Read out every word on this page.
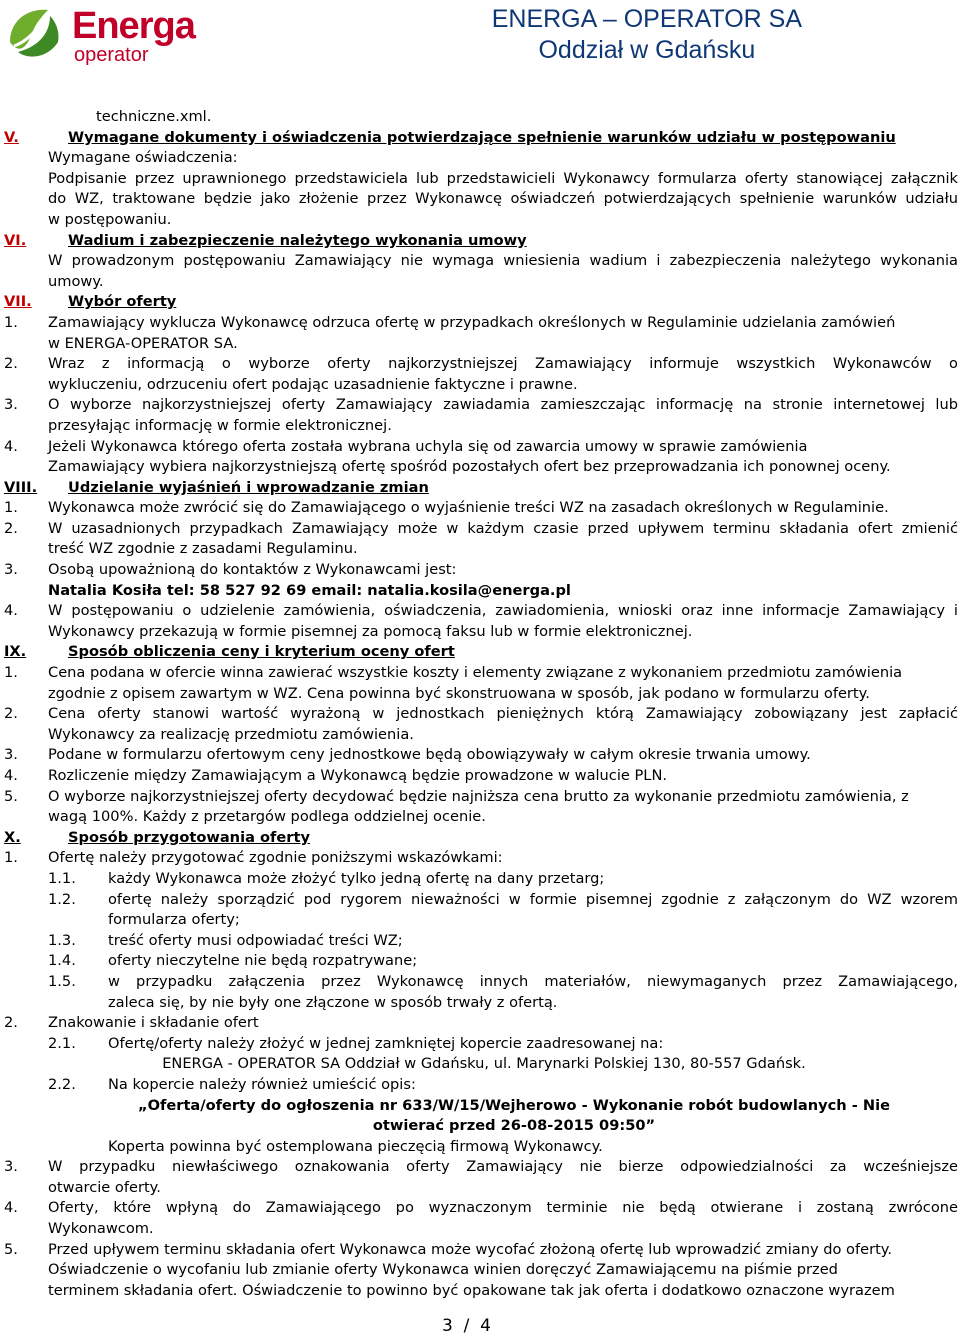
Energa
operator
ENERGA – OPERATOR SA
Oddział w Gdańsku
techniczne.xml.
V.	Wymagane dokumenty i oświadczenia potwierdzające spełnienie warunków udziału w postępowaniu
Wymagane oświadczenia:
Podpisanie przez uprawnionego przedstawiciela lub przedstawicieli Wykonawcy formularza oferty stanowiącej załącznik
do WZ, traktowane będzie jako złożenie przez Wykonawcę oświadczeń potwierdzających spełnienie warunków udziału
w postępowaniu.
VI.	Wadium i zabezpieczenie należytego wykonania umowy
W prowadzonym postępowaniu Zamawiający nie wymaga wniesienia wadium i zabezpieczenia należytego wykonania
umowy.
VII. Wybór oferty
1. Zamawiający wyklucza Wykonawcę odrzuca ofertę w przypadkach określonych w Regulaminie udzielania zamówień
w ENERGA-OPERATOR SA.
2. Wraz z informacją o wyborze oferty najkorzystniejszej Zamawiający informuje wszystkich Wykonawców o
wykluczeniu, odrzuceniu ofert podając uzasadnienie faktyczne i prawne.
3. O wyborze najkorzystniejszej oferty Zamawiający zawiadamia zamieszczając informację na stronie internetowej lub
przesyłając informację w formie elektronicznej.
4. Jeżeli Wykonawca którego oferta została wybrana uchyla się od zawarcia umowy w sprawie zamówienia
Zamawiający wybiera najkorzystniejszą ofertę spośród pozostałych ofert bez przeprowadzania ich ponownej oceny.
VIII. Udzielanie wyjaśnień i wprowadzanie zmian
1. Wykonawca może zwrócić się do Zamawiającego o wyjaśnienie treści WZ na zasadach określonych w Regulaminie.
2. W uzasadnionych przypadkach Zamawiający może w każdym czasie przed upływem terminu składania ofert zmienić
treść WZ zgodnie z zasadami Regulaminu.
3. Osobą upoważnioną do kontaktów z Wykonawcami jest:
Natalia Kosiła tel: 58 527 92 69 email: natalia.kosila@energa.pl
4. W postępowaniu o udzielenie zamówienia, oświadczenia, zawiadomienia, wnioski oraz inne informacje Zamawiający i
Wykonawcy przekazują w formie pisemnej za pomocą faksu lub w formie elektronicznej.
IX.	Sposób obliczenia ceny i kryterium oceny ofert
1. Cena podana w ofercie winna zawierać wszystkie koszty i elementy związane z wykonaniem przedmiotu zamówienia
zgodnie z opisem zawartym w WZ. Cena powinna być skonstruowana w sposób, jak podano w formularzu oferty.
2. Cena oferty stanowi wartość wyrażoną w jednostkach pieniężnych którą Zamawiający zobowiązany jest zapłacić
Wykonawcy za realizację przedmiotu zamówienia.
3. Podane w formularzu ofertowym ceny jednostkowe będą obowiązywały w całym okresie trwania umowy.
4. Rozliczenie między Zamawiającym a Wykonawcą będzie prowadzone w walucie PLN.
5. O wyborze najkorzystniejszej oferty decydować będzie najniższa cena brutto za wykonanie przedmiotu zamówienia, z
wagą 100%. Każdy z przetargów podlega oddzielnej ocenie.
X.	Sposób przygotowania oferty
1. Ofertę należy przygotować zgodnie poniższymi wskazówkami:
1.1. każdy Wykonawca może złożyć tylko jedną ofertę na dany przetarg;
1.2. ofertę należy sporządzić pod rygorem nieważności w formie pisemnej zgodnie z załączonym do WZ wzorem
formularza oferty;
1.3. treść oferty musi odpowiadać treści WZ;
1.4. oferty nieczytelne nie będą rozpatrywane;
1.5. w przypadku załączenia przez Wykonawcę innych materiałów, niewymaganych przez Zamawiającego,
zaleca się, by nie były one złączone w sposób trwały z ofertą.
2. Znakowanie i składanie ofert
2.1. Ofertę/oferty należy złożyć w jednej zamkniętej kopercie zaadresowanej na:
ENERGA - OPERATOR SA Oddział w Gdańsku, ul. Marynarki Polskiej 130, 80-557 Gdańsk.
2.2. Na kopercie należy również umieścić opis:
„Oferta/oferty do ogłoszenia nr 633/W/15/Wejherowo - Wykonanie robót budowlanych - Nie
otwierać przed 26-08-2015 09:50”
Koperta powinna być ostemplowana pieczęcią firmową Wykonawcy.
3. W przypadku niewłaściwego oznakowania oferty Zamawiający nie bierze odpowiedzialności za wcześniejsze
otwarcie oferty.
4. Oferty, które wpłyną do Zamawiającego po wyznaczonym terminie nie będą otwierane i zostaną zwrócone
Wykonawcom.
5. Przed upływem terminu składania ofert Wykonawca może wycofać złożoną ofertę lub wprowadzić zmiany do oferty.
Oświadczenie o wycofaniu lub zmianie oferty Wykonawca winien doręczyć Zamawiającemu na piśmie przed
terminem składania ofert. Oświadczenie to powinno być opakowane tak jak oferta i dodatkowo oznaczone wyrazem
3  /  4
